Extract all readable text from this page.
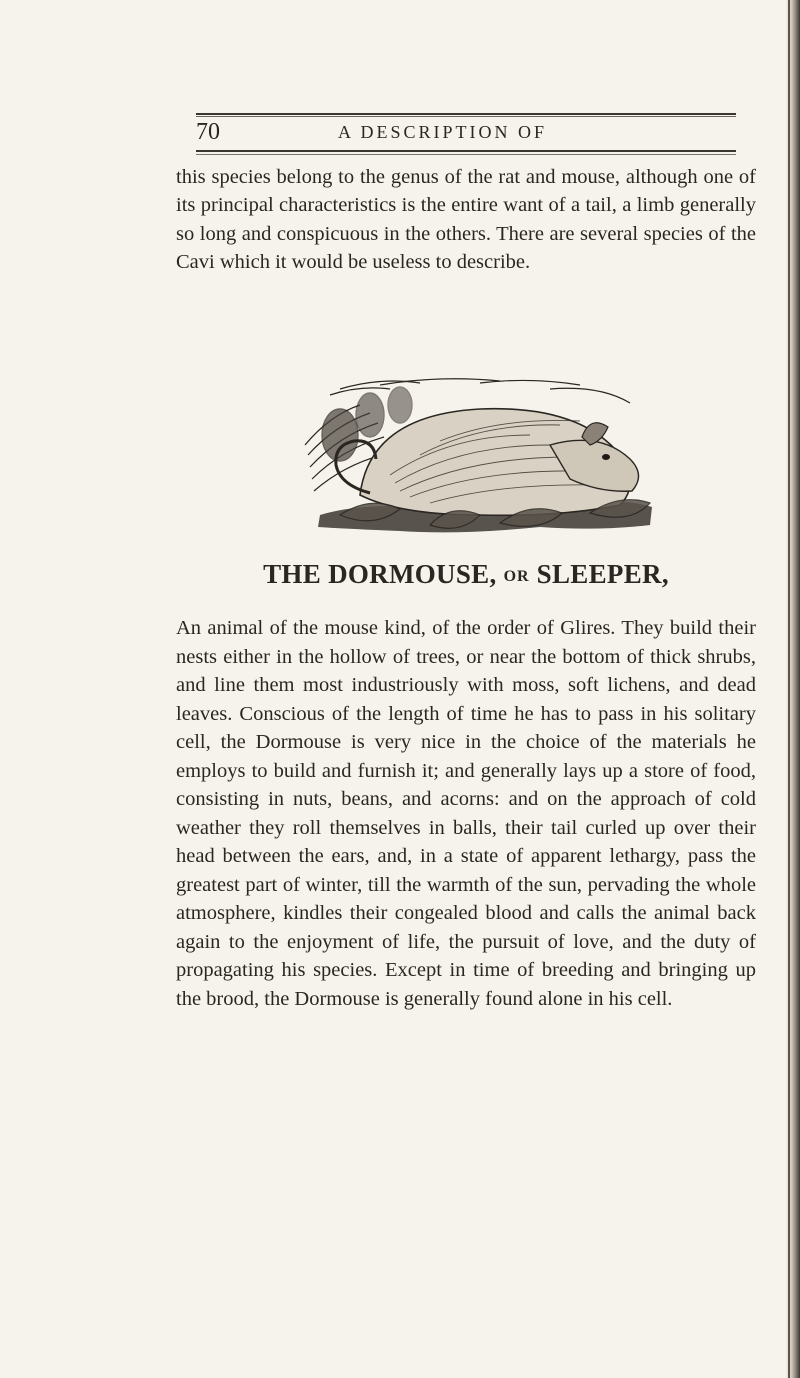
70	A DESCRIPTION OF

this species belong to the genus of the rat and mouse, although one of its principal characteristics is the entire want of a tail, a limb generally so long and conspicuous in the others. There are several species of the Cavi which it would be useless to describe.

THE DORMOUSE, OR SLEEPER,

An animal of the mouse kind, of the order of Glires. They build their nests either in the hollow of trees, or near the bottom of thick shrubs, and line them most industriously with moss, soft lichens, and dead leaves. Conscious of the length of time he has to pass in his solitary cell, the Dormouse is very nice in the choice of the materials he employs to build and furnish it; and generally lays up a store of food, consisting in nuts, beans, and acorns: and on the approach of cold weather they roll themselves in balls, their tail curled up over their head between the ears, and, in a state of apparent lethargy, pass the greatest part of winter, till the warmth of the sun, pervading the whole atmosphere, kindles their congealed blood and calls the animal back again to the enjoyment of life, the pursuit of love, and the duty of propagating his species. Except in time of breeding and bringing up the brood, the Dormouse is generally found alone in his cell.
